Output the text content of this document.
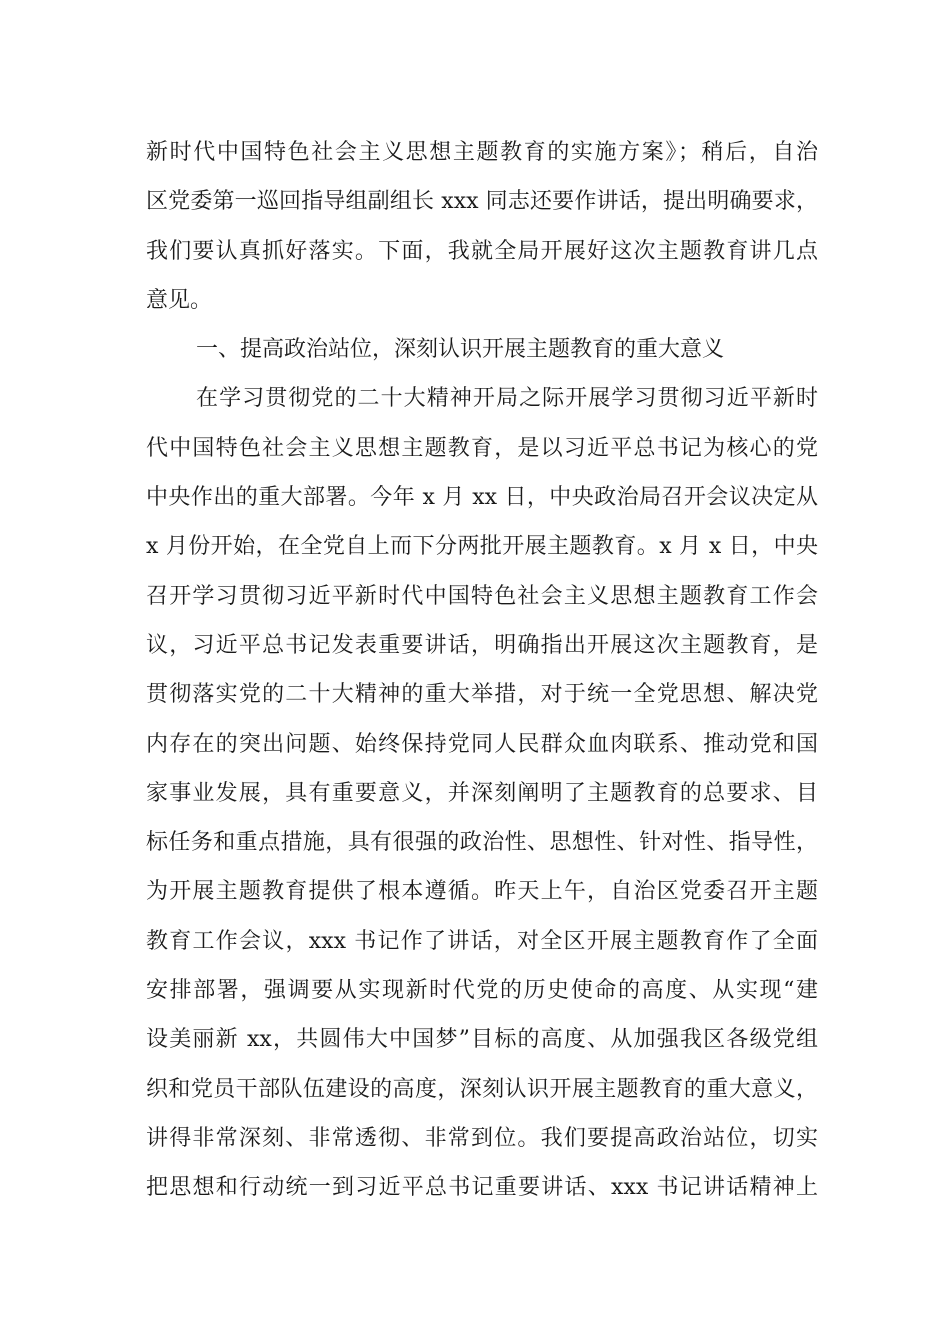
新时代中国特色社会主义思想主题教育的实施方案》；稍后，自治
区党委第一巡回指导组副组长 xxx 同志还要作讲话，提出明确要求，
我们要认真抓好落实。下面，我就全局开展好这次主题教育讲几点
意见。
一、提高政治站位，深刻认识开展主题教育的重大意义
在学习贯彻党的二十大精神开局之际开展学习贯彻习近平新时
代中国特色社会主义思想主题教育，是以习近平总书记为核心的党
中央作出的重大部署。今年 x 月 xx 日，中央政治局召开会议决定从
x 月份开始，在全党自上而下分两批开展主题教育。x 月 x 日，中央
召开学习贯彻习近平新时代中国特色社会主义思想主题教育工作会
议，习近平总书记发表重要讲话，明确指出开展这次主题教育，是
贯彻落实党的二十大精神的重大举措，对于统一全党思想、解决党
内存在的突出问题、始终保持党同人民群众血肉联系、推动党和国
家事业发展，具有重要意义，并深刻阐明了主题教育的总要求、目
标任务和重点措施，具有很强的政治性、思想性、针对性、指导性，
为开展主题教育提供了根本遵循。昨天上午，自治区党委召开主题
教育工作会议，xxx 书记作了讲话，对全区开展主题教育作了全面
安排部署，强调要从实现新时代党的历史使命的高度、从实现“建
设美丽新 xx，共圆伟大中国梦”目标的高度、从加强我区各级党组
织和党员干部队伍建设的高度，深刻认识开展主题教育的重大意义，
讲得非常深刻、非常透彻、非常到位。我们要提高政治站位，切实
把思想和行动统一到习近平总书记重要讲话、xxx 书记讲话精神上
